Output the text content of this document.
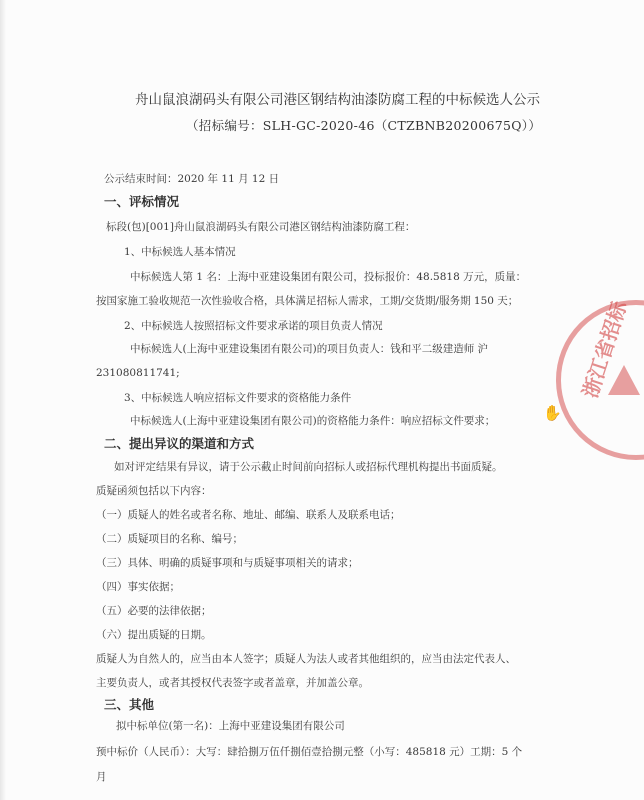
舟山鼠浪湖码头有限公司港区钢结构油漆防腐工程的中标候选人公示
（招标编号：SLH-GC-2020-46（CTZBNB20200675Q））
公示结束时间：2020 年 11 月 12 日
一、评标情况
标段(包)[001]舟山鼠浪湖码头有限公司港区钢结构油漆防腐工程：
1、中标候选人基本情况
中标候选人第 1 名：上海中亚建设集团有限公司，投标报价：48.5818 万元，质量：
按国家施工验收规范一次性验收合格，具体满足招标人需求，工期/交货期/服务期 150 天；
2、中标候选人按照招标文件要求承诺的项目负责人情况
中标候选人(上海中亚建设集团有限公司)的项目负责人：钱和平二级建造师 沪
231080811741;
3、中标候选人响应招标文件要求的资格能力条件
中标候选人(上海中亚建设集团有限公司)的资格能力条件：响应招标文件要求；
二、提出异议的渠道和方式
如对评定结果有异议，请于公示截止时间前向招标人或招标代理机构提出书面质疑。
质疑函须包括以下内容：
（一）质疑人的姓名或者名称、地址、邮编、联系人及联系电话；
（二）质疑项目的名称、编号；
（三）具体、明确的质疑事项和与质疑事项相关的请求；
（四）事实依据；
（五）必要的法律依据；
（六）提出质疑的日期。
质疑人为自然人的，应当由本人签字；质疑人为法人或者其他组织的，应当由法定代表人、
主要负责人，或者其授权代表签字或者盖章，并加盖公章。
三、其他
拟中标单位(第一名)：上海中亚建设集团有限公司
预中标价（人民币）：大写：肆拾捌万伍仟捌佰壹拾捌元整（小写：485818 元）工期：5 个
月
浙江省招标
✋
